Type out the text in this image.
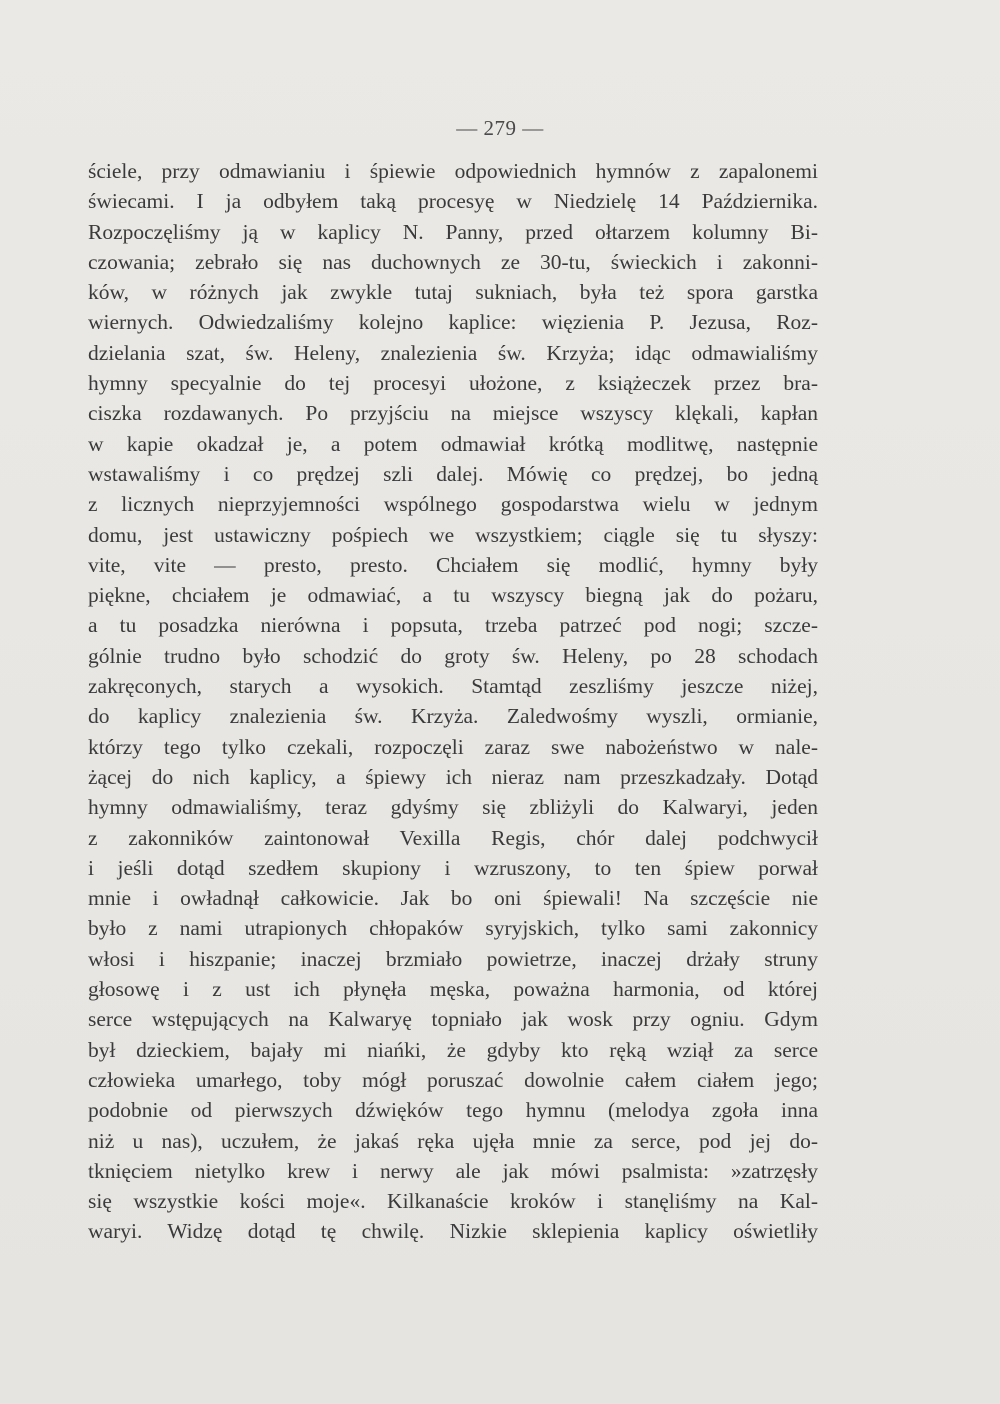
— 279 —
ściele, przy odmawianiu i śpiewie odpowiednich hymnów z zapalonemi
świecami. I ja odbyłem taką procesyę w Niedzielę 14 Października.
Rozpoczęliśmy ją w kaplicy N. Panny, przed ołtarzem kolumny Bi-
czowania; zebrało się nas duchownych ze 30-tu, świeckich i zakonni-
ków, w różnych jak zwykle tutaj sukniach, była też spora garstka
wiernych. Odwiedzaliśmy kolejno kaplice: więzienia P. Jezusa, Roz-
dzielania szat, św. Heleny, znalezienia św. Krzyża; idąc odmawialiśmy
hymny specyalnie do tej procesyi ułożone, z książeczek przez bra-
ciszka rozdawanych. Po przyjściu na miejsce wszyscy klękali, kapłan
w kapie okadzał je, a potem odmawiał krótką modlitwę, następnie
wstawaliśmy i co prędzej szli dalej. Mówię co prędzej, bo jedną
z licznych nieprzyjemności wspólnego gospodarstwa wielu w jednym
domu, jest ustawiczny pośpiech we wszystkiem; ciągle się tu słyszy:
vite, vite — presto, presto. Chciałem się modlić, hymny były
piękne, chciałem je odmawiać, a tu wszyscy biegną jak do pożaru,
a tu posadzka nierówna i popsuta, trzeba patrzeć pod nogi; szcze-
gólnie trudno było schodzić do groty św. Heleny, po 28 schodach
zakręconych, starych a wysokich. Stamtąd zeszliśmy jeszcze niżej,
do kaplicy znalezienia św. Krzyża. Zaledwośmy wyszli, ormianie,
którzy tego tylko czekali, rozpoczęli zaraz swe nabożeństwo w nale-
żącej do nich kaplicy, a śpiewy ich nieraz nam przeszkadzały. Dotąd
hymny odmawialiśmy, teraz gdyśmy się zbliżyli do Kalwaryi, jeden
z zakonników zaintonował Vexilla Regis, chór dalej podchwycił
i jeśli dotąd szedłem skupiony i wzruszony, to ten śpiew porwał
mnie i owładnął całkowicie. Jak bo oni śpiewali! Na szczęście nie
było z nami utrapionych chłopaków syryjskich, tylko sami zakonnicy
włosi i hiszpanie; inaczej brzmiało powietrze, inaczej drżały struny
głosowę i z ust ich płynęła męska, poważna harmonia, od której
serce wstępujących na Kalwaryę topniało jak wosk przy ogniu. Gdym
był dzieckiem, bajały mi niańki, że gdyby kto ręką wziął za serce
człowieka umarłego, toby mógł poruszać dowolnie całem ciałem jego;
podobnie od pierwszych dźwięków tego hymnu (melodya zgoła inna
niż u nas), uczułem, że jakaś ręka ujęła mnie za serce, pod jej do-
tknięciem nietylko krew i nerwy ale jak mówi psalmista: »zatrzęsły
się wszystkie kości moje«. Kilkanaście kroków i stanęliśmy na Kal-
waryi. Widzę dotąd tę chwilę. Nizkie sklepienia kaplicy oświetliły
